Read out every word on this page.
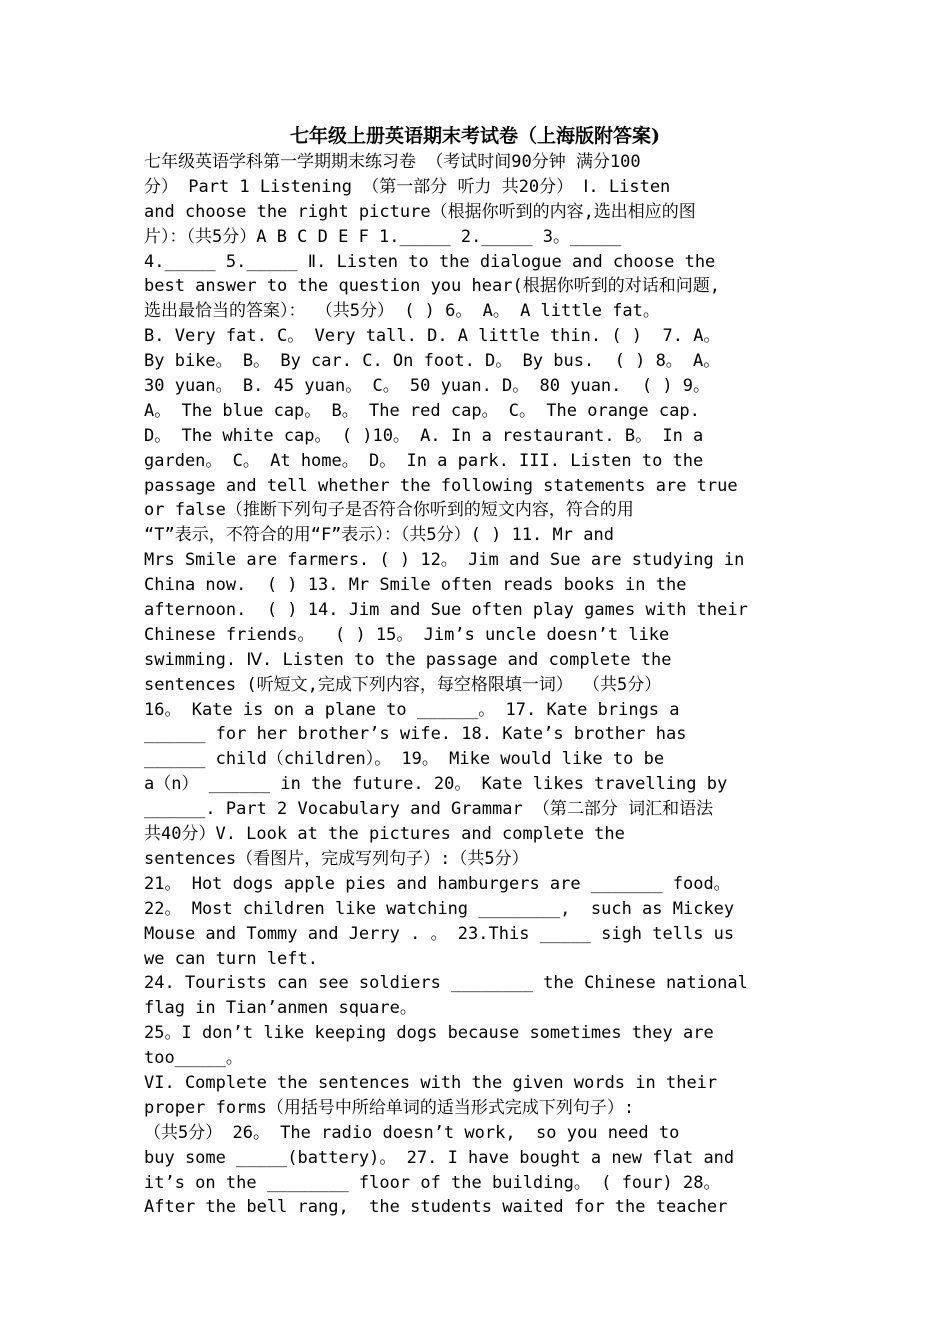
七年级上册英语期末考试卷（上海版附答案)
七年级英语学科第一学期期末练习卷 （考试时间90分钟 满分100
分） Part 1 Listening （第一部分 听力 共20分） Ⅰ. Listen
and choose the right picture（根据你听到的内容,选出相应的图
片）：（共5分）A B C D E F 1._____ 2._____ 3。_____
4._____ 5._____ Ⅱ. Listen to the dialogue and choose the
best answer to the question you hear(根据你听到的对话和问题,
选出最恰当的答案）： （共5分） ( ) 6。 A。 A little fat。
B. Very fat. C。 Very tall. D. A little thin. ( )  7. A。
By bike。 B。 By car. C. On foot. D。 By bus.  ( ) 8。 A。
30 yuan。 B. 45 yuan。 C。 50 yuan. D。 80 yuan.  ( ) 9。
A。 The blue cap。 B。 The red cap。 C。 The orange cap.
D。 The white cap。 ( )10。 A. In a restaurant. B。 In a
garden。 C。 At home。 D。 In a park. III. Listen to the
passage and tell whether the following statements are true
or false（推断下列句子是否符合你听到的短文内容，符合的用
“T”表示，不符合的用“F”表示）：（共5分）( ) 11. Mr and
Mrs Smile are farmers. ( ) 12。 Jim and Sue are studying in
China now.  ( ) 13. Mr Smile often reads books in the
afternoon.  ( ) 14. Jim and Sue often play games with their
Chinese friends。  ( ) 15。 Jim’s uncle doesn’t like
swimming. Ⅳ. Listen to the passage and complete the
sentences (听短文,完成下列内容，每空格限填一词） （共5分）
16。 Kate is on a plane to ______。 17. Kate brings a
______ for her brother’s wife. 18. Kate’s brother has
______ child（children）。 19。 Mike would like to be
a（n） ______ in the future. 20。 Kate likes travelling by
______. Part 2 Vocabulary and Grammar （第二部分 词汇和语法
共40分）V. Look at the pictures and complete the
sentences（看图片，完成写列句子）:（共5分）
21。 Hot dogs apple pies and hamburgers are _______ food。
22。 Most children like watching ________,  such as Mickey
Mouse and Tommy and Jerry . 。 23.This _____ sigh tells us
we can turn left.
24. Tourists can see soldiers ________ the Chinese national
flag in Tian’anmen square。
25。I don’t like keeping dogs because sometimes they are
too_____。
VI. Complete the sentences with the given words in their
proper forms（用括号中所给单词的适当形式完成下列句子）:
（共5分） 26。 The radio doesn’t work,  so you need to
buy some _____(battery)。 27. I have bought a new flat and
it’s on the ________ floor of the building。 ( four) 28。
After the bell rang,  the students waited for the teacher
